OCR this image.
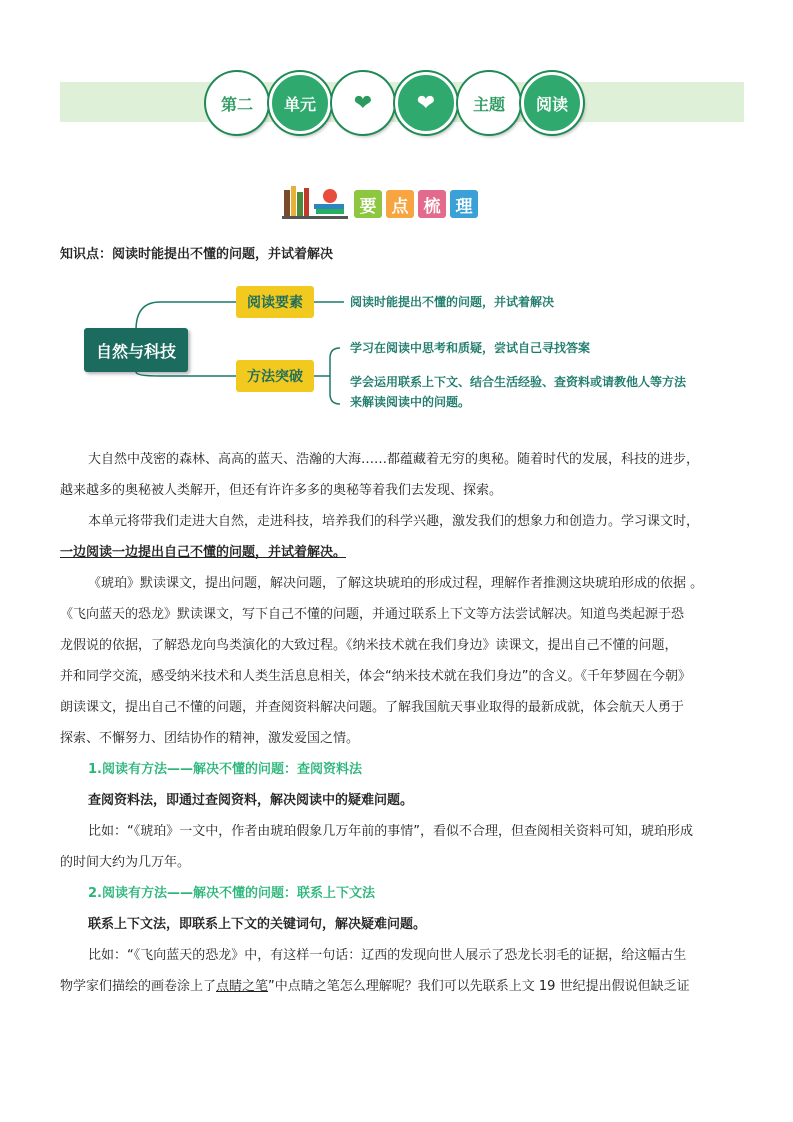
第二 单元 ❤ ❤ 主题 阅读
要 点 梳 理
知识点：阅读时能提出不懂的问题，并试着解决
自然与科技
阅读要素
方法突破
阅读时能提出不懂的问题，并试着解决
学习在阅读中思考和质疑，尝试自己寻找答案
学会运用联系上下文、结合生活经验、查资料或请教他人等方法
来解读阅读中的问题。
大自然中茂密的森林、高高的蓝天、浩瀚的大海……都蕴藏着无穷的奥秘。随着时代的发展，科技的进步，
越来越多的奥秘被人类解开，但还有许许多多的奥秘等着我们去发现、探索。
本单元将带我们走进大自然，走进科技，培养我们的科学兴趣，激发我们的想象力和创造力。学习课文时，
一边阅读一边提出自己不懂的问题，并试着解决。
《琥珀》默读课文，提出问题，解决问题，了解这块琥珀的形成过程，理解作者推测这块琥珀形成的依据 。
《飞向蓝天的恐龙》默读课文，写下自己不懂的问题，并通过联系上下文等方法尝试解决。知道鸟类起源于恐
龙假说的依据，了解恐龙向鸟类演化的大致过程。《纳米技术就在我们身边》读课文，提出自己不懂的问题，
并和同学交流，感受纳米技术和人类生活息息相关，体会“纳米技术就在我们身边”的含义。《千年梦圆在今朝》
朗读课文，提出自己不懂的问题，并查阅资料解决问题。了解我国航天事业取得的最新成就，体会航天人勇于
探索、不懈努力、团结协作的精神，激发爱国之情。
1.阅读有方法——解决不懂的问题：查阅资料法
查阅资料法，即通过查阅资料，解决阅读中的疑难问题。
比如：“《琥珀》一文中，作者由琥珀假象几万年前的事情”，看似不合理，但查阅相关资料可知，琥珀形成
的时间大约为几万年。
2.阅读有方法——解决不懂的问题：联系上下文法
联系上下文法，即联系上下文的关键词句，解决疑难问题。
比如：“《飞向蓝天的恐龙》中，有这样一句话：辽西的发现向世人展示了恐龙长羽毛的证据，给这幅古生
物学家们描绘的画卷涂上了点睛之笔”中点睛之笔怎么理解呢？我们可以先联系上文 19 世纪提出假说但缺乏证
